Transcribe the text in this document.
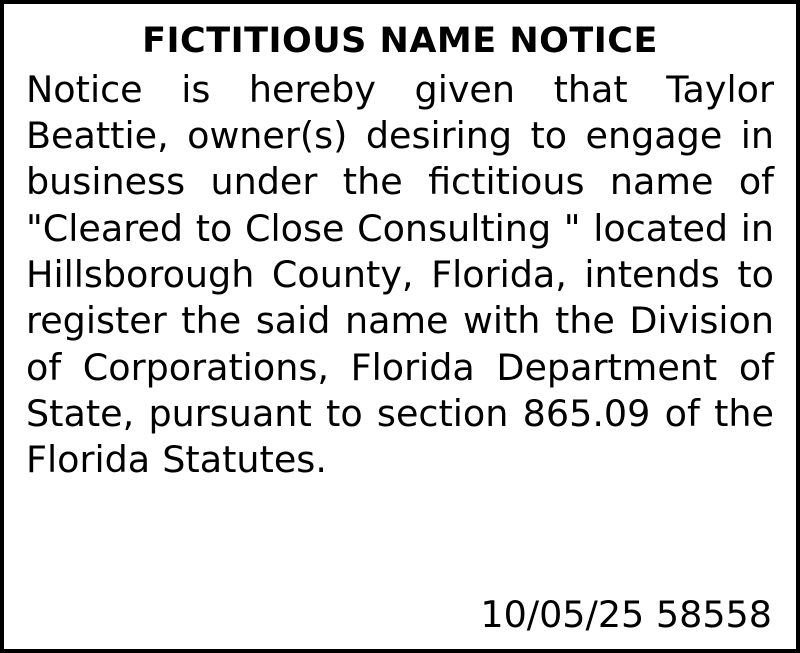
FICTITIOUS NAME NOTICE
Notice is hereby given that Taylor Beattie, owner(s) desiring to engage in business under the fictitious name of "Cleared to Close Consulting " located in Hillsborough County, Florida, intends to register the said name with the Division of Corporations, Florida Department of State, pursuant to section 865.09 of the Florida Statutes.
10/05/25 58558
